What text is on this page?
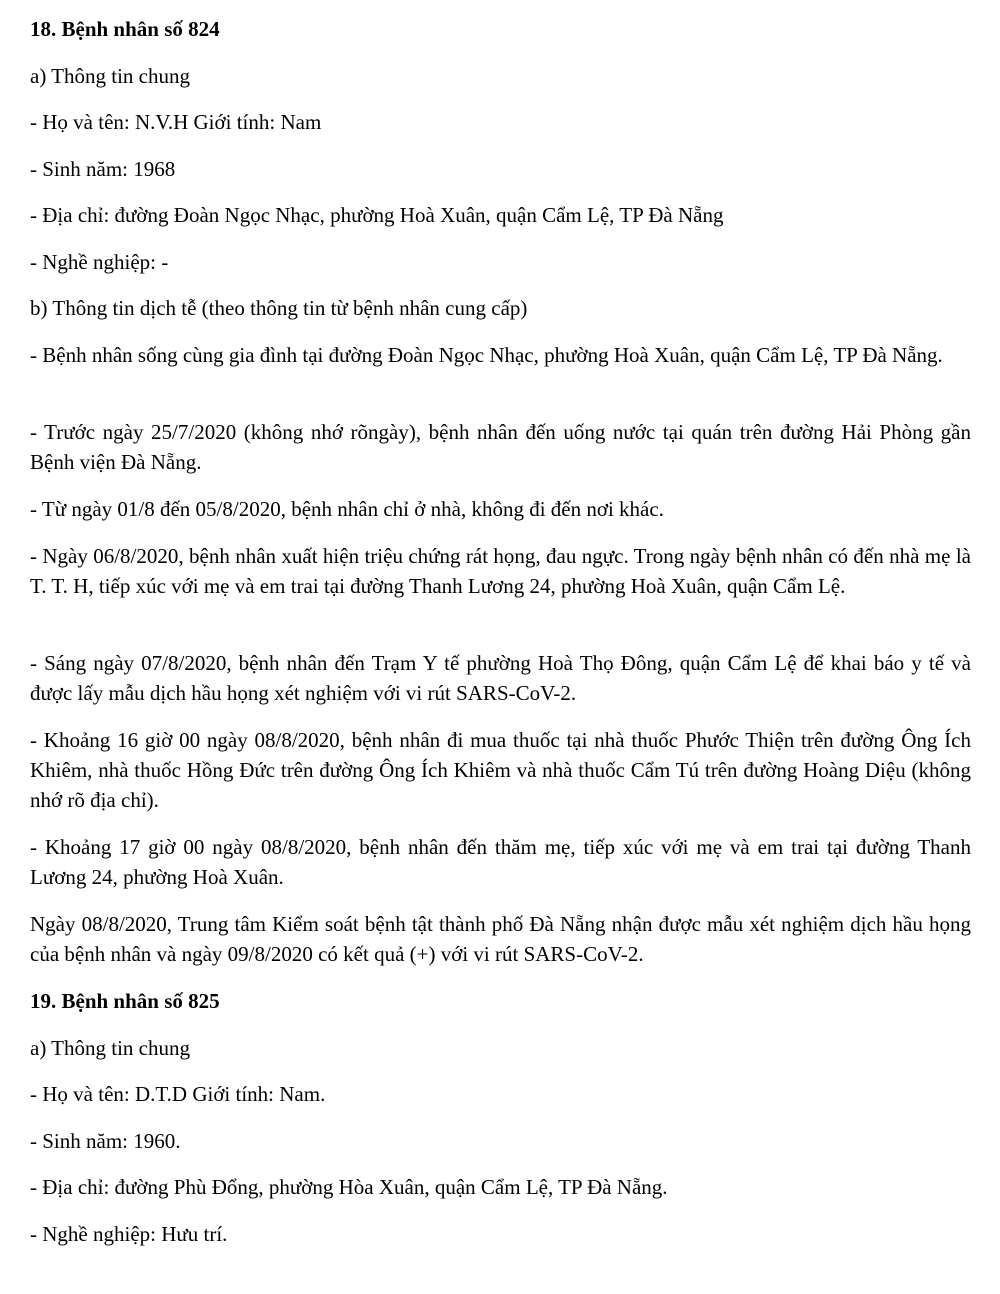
18. Bệnh nhân số 824
a) Thông tin chung
- Họ và tên: N.V.H Giới tính: Nam
- Sinh năm: 1968
- Địa chỉ: đường Đoàn Ngọc Nhạc, phường Hoà Xuân, quận Cẩm Lệ, TP Đà Nẵng
- Nghề nghiệp: -
b) Thông tin dịch tễ (theo thông tin từ bệnh nhân cung cấp)
- Bệnh nhân sống cùng gia đình tại đường Đoàn Ngọc Nhạc, phường Hoà Xuân, quận Cẩm Lệ, TP Đà Nẵng.
- Trước ngày 25/7/2020 (không nhớ rõngày), bệnh nhân đến uống nước tại quán trên đường Hải Phòng gần Bệnh viện Đà Nẵng.
- Từ ngày 01/8 đến 05/8/2020, bệnh nhân chỉ ở nhà, không đi đến nơi khác.
- Ngày 06/8/2020, bệnh nhân xuất hiện triệu chứng rát họng, đau ngực. Trong ngày bệnh nhân có đến nhà mẹ là T. T. H, tiếp xúc với mẹ và em trai tại đường Thanh Lương 24, phường Hoà Xuân, quận Cẩm Lệ.
- Sáng ngày 07/8/2020, bệnh nhân đến Trạm Y tế phường Hoà Thọ Đông, quận Cẩm Lệ để khai báo y tế và được lấy mẫu dịch hầu họng xét nghiệm với vi rút SARS-CoV-2.
- Khoảng 16 giờ 00 ngày 08/8/2020, bệnh nhân đi mua thuốc tại nhà thuốc Phước Thiện trên đường Ông Ích Khiêm, nhà thuốc Hồng Đức trên đường Ông Ích Khiêm và nhà thuốc Cẩm Tú trên đường Hoàng Diệu (không nhớ rõ địa chỉ).
- Khoảng 17 giờ 00 ngày 08/8/2020, bệnh nhân đến thăm mẹ, tiếp xúc với mẹ và em trai tại đường Thanh Lương 24, phường Hoà Xuân.
Ngày 08/8/2020, Trung tâm Kiểm soát bệnh tật thành phố Đà Nẵng nhận được mẫu xét nghiệm dịch hầu họng của bệnh nhân và ngày 09/8/2020 có kết quả (+) với vi rút SARS-CoV-2.
19. Bệnh nhân số 825
a) Thông tin chung
- Họ và tên: D.T.D Giới tính: Nam.
- Sinh năm: 1960.
- Địa chỉ: đường Phù Đổng, phường Hòa Xuân, quận Cẩm Lệ, TP Đà Nẵng.
- Nghề nghiệp: Hưu trí.
